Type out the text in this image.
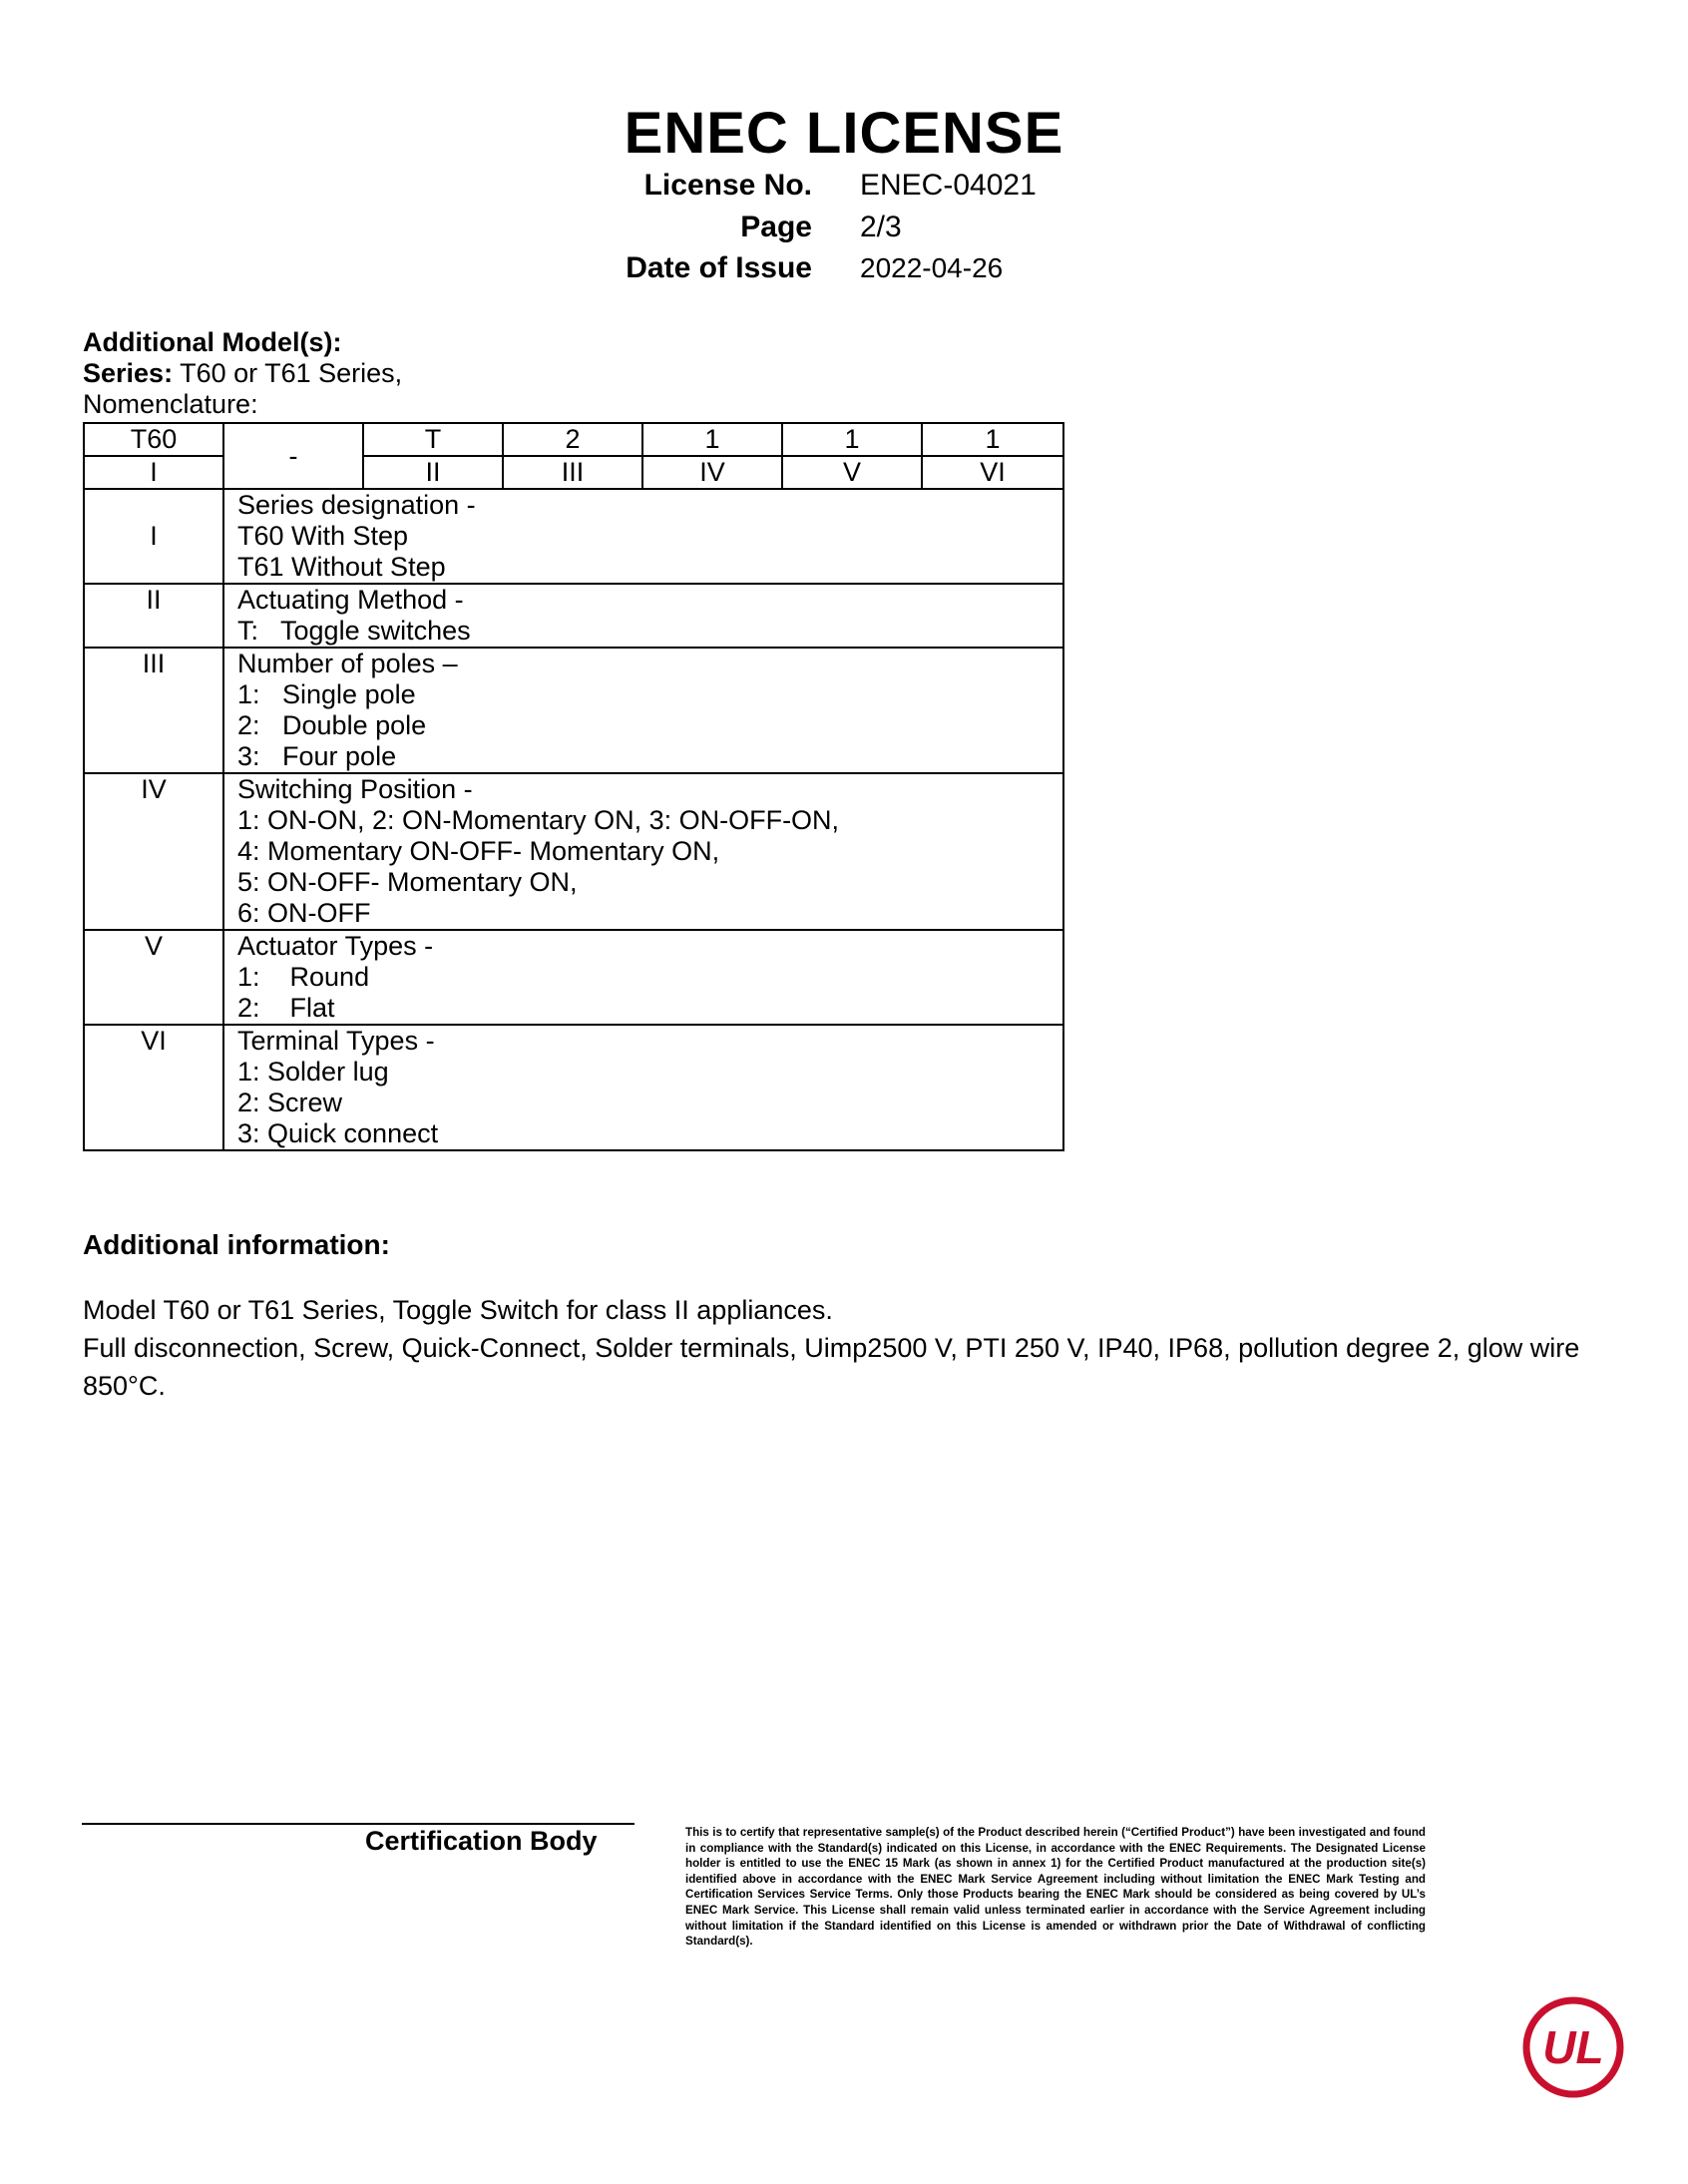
ENEC LICENSE
License No. ENEC-04021
Page 2/3
Date of Issue 2022-04-26
Additional Model(s):
Series: T60 or T61 Series,
Nomenclature:
T60	-	T	2	1	1	1
I		II	III	IV	V	VI
I	Series designation -
T60 With Step
T61 Without Step					

II	Actuating Method -
T:   Toggle switches					

III	Number of poles –
1:   Single pole
2:   Double pole
3:   Four pole					

IV	Switching Position -
1: ON-ON, 2: ON-Momentary ON, 3: ON-OFF-ON,
4: Momentary ON-OFF- Momentary ON,
5: ON-OFF- Momentary ON,
6: ON-OFF					

V	Actuator Types -
1:    Round
2:    Flat					

VI	Terminal Types -
1: Solder lug
2: Screw
3: Quick connect					
Additional information:
Model T60 or T61 Series, Toggle Switch for class II appliances.
Full disconnection, Screw, Quick-Connect, Solder terminals, Uimp2500 V, PTI 250 V, IP40, IP68, pollution degree 2, glow wire 850°C.
Certification Body	This is to certify that representative sample(s) of the Product described herein (“Certified Product”) have been investigated and found in compliance with the Standard(s) indicated on this License, in accordance with the ENEC Requirements. The Designated License holder is entitled to use the ENEC 15 Mark (as shown in annex 1) for the Certified Product manufactured at the production site(s) identified above in accordance with the ENEC Mark Service Agreement including without limitation the ENEC Mark Testing and Certification Services Service Terms. Only those Products bearing the ENEC Mark should be considered as being covered by UL’s ENEC Mark Service. This License shall remain valid unless terminated earlier in accordance with the Service Agreement including without limitation if the Standard identified on this License is amended or withdrawn prior the Date of Withdrawal of conflicting Standard(s).
UL
